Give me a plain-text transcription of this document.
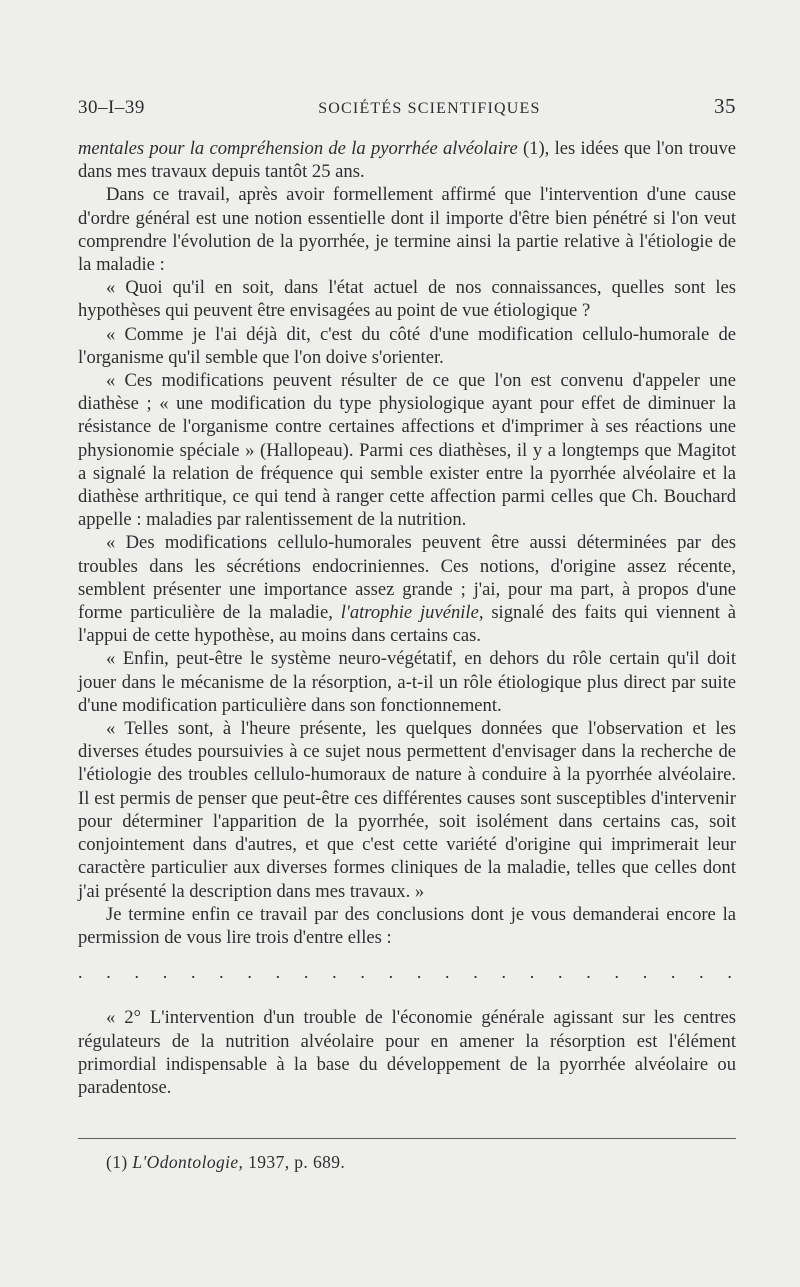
30–I–39	SOCIÉTÉS SCIENTIFIQUES	35

mentales pour la compréhension de la pyorrhée alvéolaire (1), les idées que l'on trouve dans mes travaux depuis tantôt 25 ans.

Dans ce travail, après avoir formellement affirmé que l'intervention d'une cause d'ordre général est une notion essentielle dont il importe d'être bien pénétré si l'on veut comprendre l'évolution de la pyorrhée, je termine ainsi la partie relative à l'étiologie de la maladie :

« Quoi qu'il en soit, dans l'état actuel de nos connaissances, quelles sont les hypothèses qui peuvent être envisagées au point de vue étiologique ?

« Comme je l'ai déjà dit, c'est du côté d'une modification cellulo-humorale de l'organisme qu'il semble que l'on doive s'orienter.

« Ces modifications peuvent résulter de ce que l'on est convenu d'appeler une diathèse ; « une modification du type physiologique ayant pour effet de diminuer la résistance de l'organisme contre certaines affections et d'imprimer à ses réactions une physionomie spéciale » (Hallopeau). Parmi ces diathèses, il y a longtemps que Magitot a signalé la relation de fréquence qui semble exister entre la pyorrhée alvéolaire et la diathèse arthritique, ce qui tend à ranger cette affection parmi celles que Ch. Bouchard appelle : maladies par ralentissement de la nutrition.

« Des modifications cellulo-humorales peuvent être aussi déterminées par des troubles dans les sécrétions endocriniennes. Ces notions, d'origine assez récente, semblent présenter une importance assez grande ; j'ai, pour ma part, à propos d'une forme particulière de la maladie, l'atrophie juvénile, signalé des faits qui viennent à l'appui de cette hypothèse, au moins dans certains cas.

« Enfin, peut-être le système neuro-végétatif, en dehors du rôle certain qu'il doit jouer dans le mécanisme de la résorption, a-t-il un rôle étiologique plus direct par suite d'une modification particulière dans son fonctionnement.

« Telles sont, à l'heure présente, les quelques données que l'observation et les diverses études poursuivies à ce sujet nous permettent d'envisager dans la recherche de l'étiologie des troubles cellulo-humoraux de nature à conduire à la pyorrhée alvéolaire. Il est permis de penser que peut-être ces différentes causes sont susceptibles d'intervenir pour déterminer l'apparition de la pyorrhée, soit isolément dans certains cas, soit conjointement dans d'autres, et que c'est cette variété d'origine qui imprimerait leur caractère particulier aux diverses formes cliniques de la maladie, telles que celles dont j'ai présenté la description dans mes travaux. »

Je termine enfin ce travail par des conclusions dont je vous demanderai encore la permission de vous lire trois d'entre elles :

. . . . . . . . . . . . . . . . . . . . . . . .

« 2° L'intervention d'un trouble de l'économie générale agissant sur les centres régulateurs de la nutrition alvéolaire pour en amener la résorption est l'élément primordial indispensable à la base du développement de la pyorrhée alvéolaire ou paradentose.

(1) L'Odontologie, 1937, p. 689.
